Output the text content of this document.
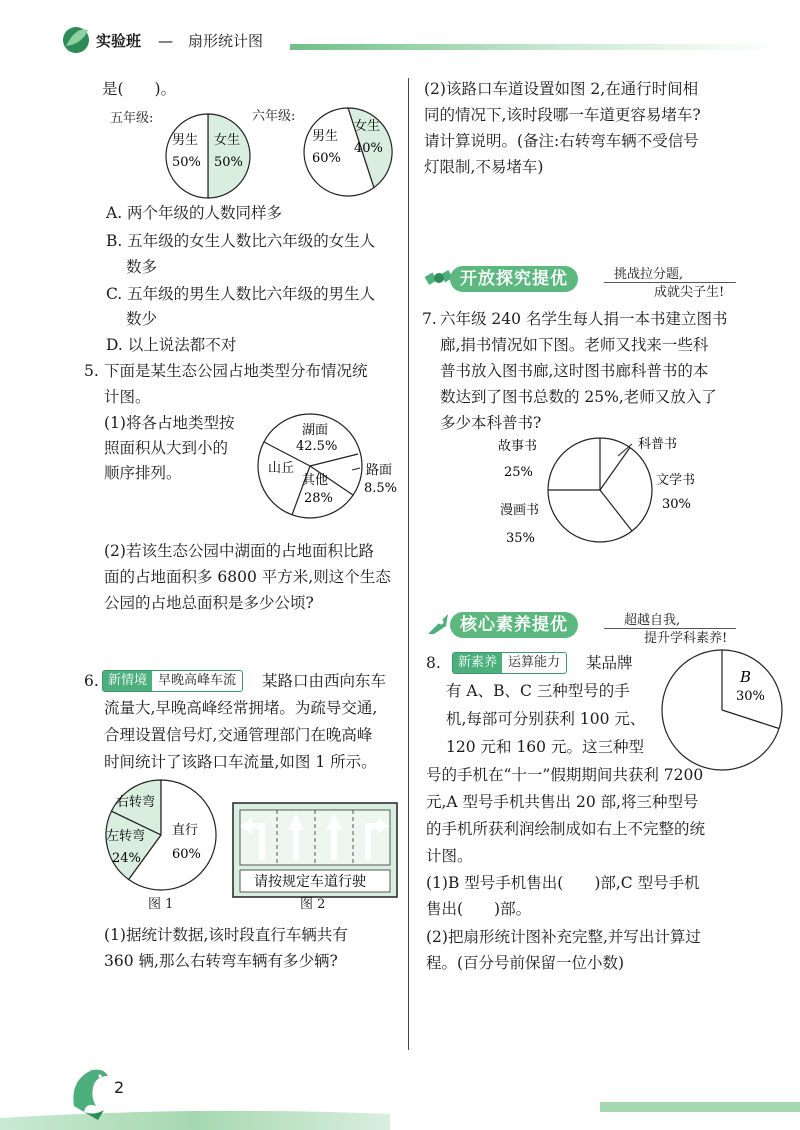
实验班 — 扇形统计图
是(　　)。
五年级:	六年级:
男生
50%
女生
50%
男生
60%
女生
40%
A. 两个年级的人数同样多
B. 五年级的女生人数比六年级的女生人
数多
C. 五年级的男生人数比六年级的男生人
数少
D. 以上说法都不对
5. 下面是某生态公园占地类型分布情况统
计图。
(1)将各占地类型按
照面积从大到小的
顺序排列。
湖面
42.5%
山丘
其他
28%
路面
8.5%
(2)若该生态公园中湖面的占地面积比路
面的占地面积多 6800 平方米,则这个生态
公园的占地总面积是多少公顷?
6. 新情境 早晚高峰车流	某路口由西向东车
流量大,早晚高峰经常拥堵。为疏导交通,
合理设置信号灯,交通管理部门在晚高峰
时间统计了该路口车流量,如图 1 所示。
右转弯
左转弯
24%
直行
60%
请按规定车道行驶
图 1	图 2
(1)据统计数据,该时段直行车辆共有
360 辆,那么右转弯车辆有多少辆?
(2)该路口车道设置如图 2,在通行时间相
同的情况下,该时段哪一车道更容易堵车?
请计算说明。(备注:右转弯车辆不受信号
灯限制,不易堵车)
开放探究提优	挑战拉分题,
成就尖子生!
7. 六年级 240 名学生每人捐一本书建立图书
廊,捐书情况如下图。老师又找来一些科
普书放入图书廊,这时图书廊科普书的本
数达到了图书总数的 25%,老师又放入了
多少本科普书?
故事书
25%
科普书
文学书
30%
漫画书
35%
核心素养提优	超越自我,
提升学科素养!
8.	新素养 运算能力	某品牌
有 A、B、C 三种型号的手
机,每部可分别获利 100 元、
120 元和 160 元。这三种型
号的手机在“十一”假期期间共获利 7200
元,A 型号手机共售出 20 部,将三种型号
的手机所获利润绘制成如右上不完整的统
计图。
B
30%
(1)B 型号手机售出(　　)部,C 型号手机
售出(　　)部。
(2)把扇形统计图补充完整,并写出计算过
程。(百分号前保留一位小数)
2
